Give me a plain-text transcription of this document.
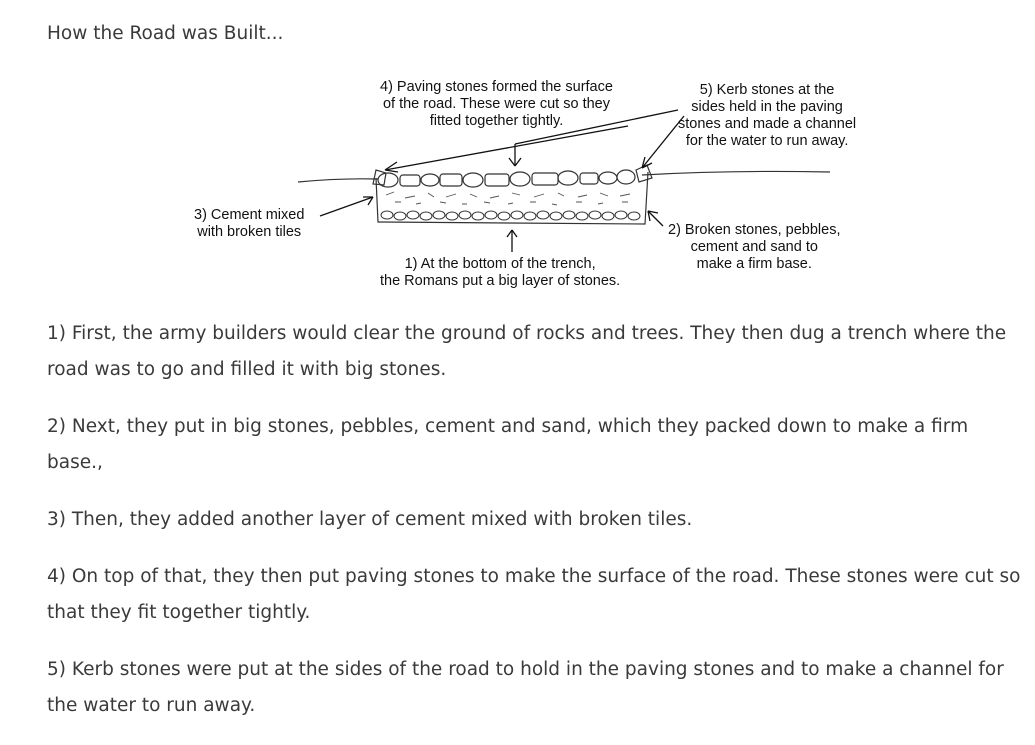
How the Road was Built...
4) Paving stones formed the surface
of the road. These were cut so they
fitted together tightly.
5) Kerb stones at the
sides held in the paving
stones and made a channel
for the water to run away.
3) Cement mixed
with broken tiles	2) Broken stones, pebbles,
cement and sand to
make a firm base.
1) At the bottom of the trench,
the Romans put a big layer of stones.

1) First, the army builders would clear the ground of rocks and trees. They then dug a trench where the road was to go and filled it with big stones.

2) Next, they put in big stones, pebbles, cement and sand, which they packed down to make a firm base.,

3) Then, they added another layer of cement mixed with broken tiles.

4) On top of that, they then put paving stones to make the surface of the road. These stones were cut so that they fit together tightly.

5) Kerb stones were put at the sides of the road to hold in the paving stones and to make a channel for the water to run away.
